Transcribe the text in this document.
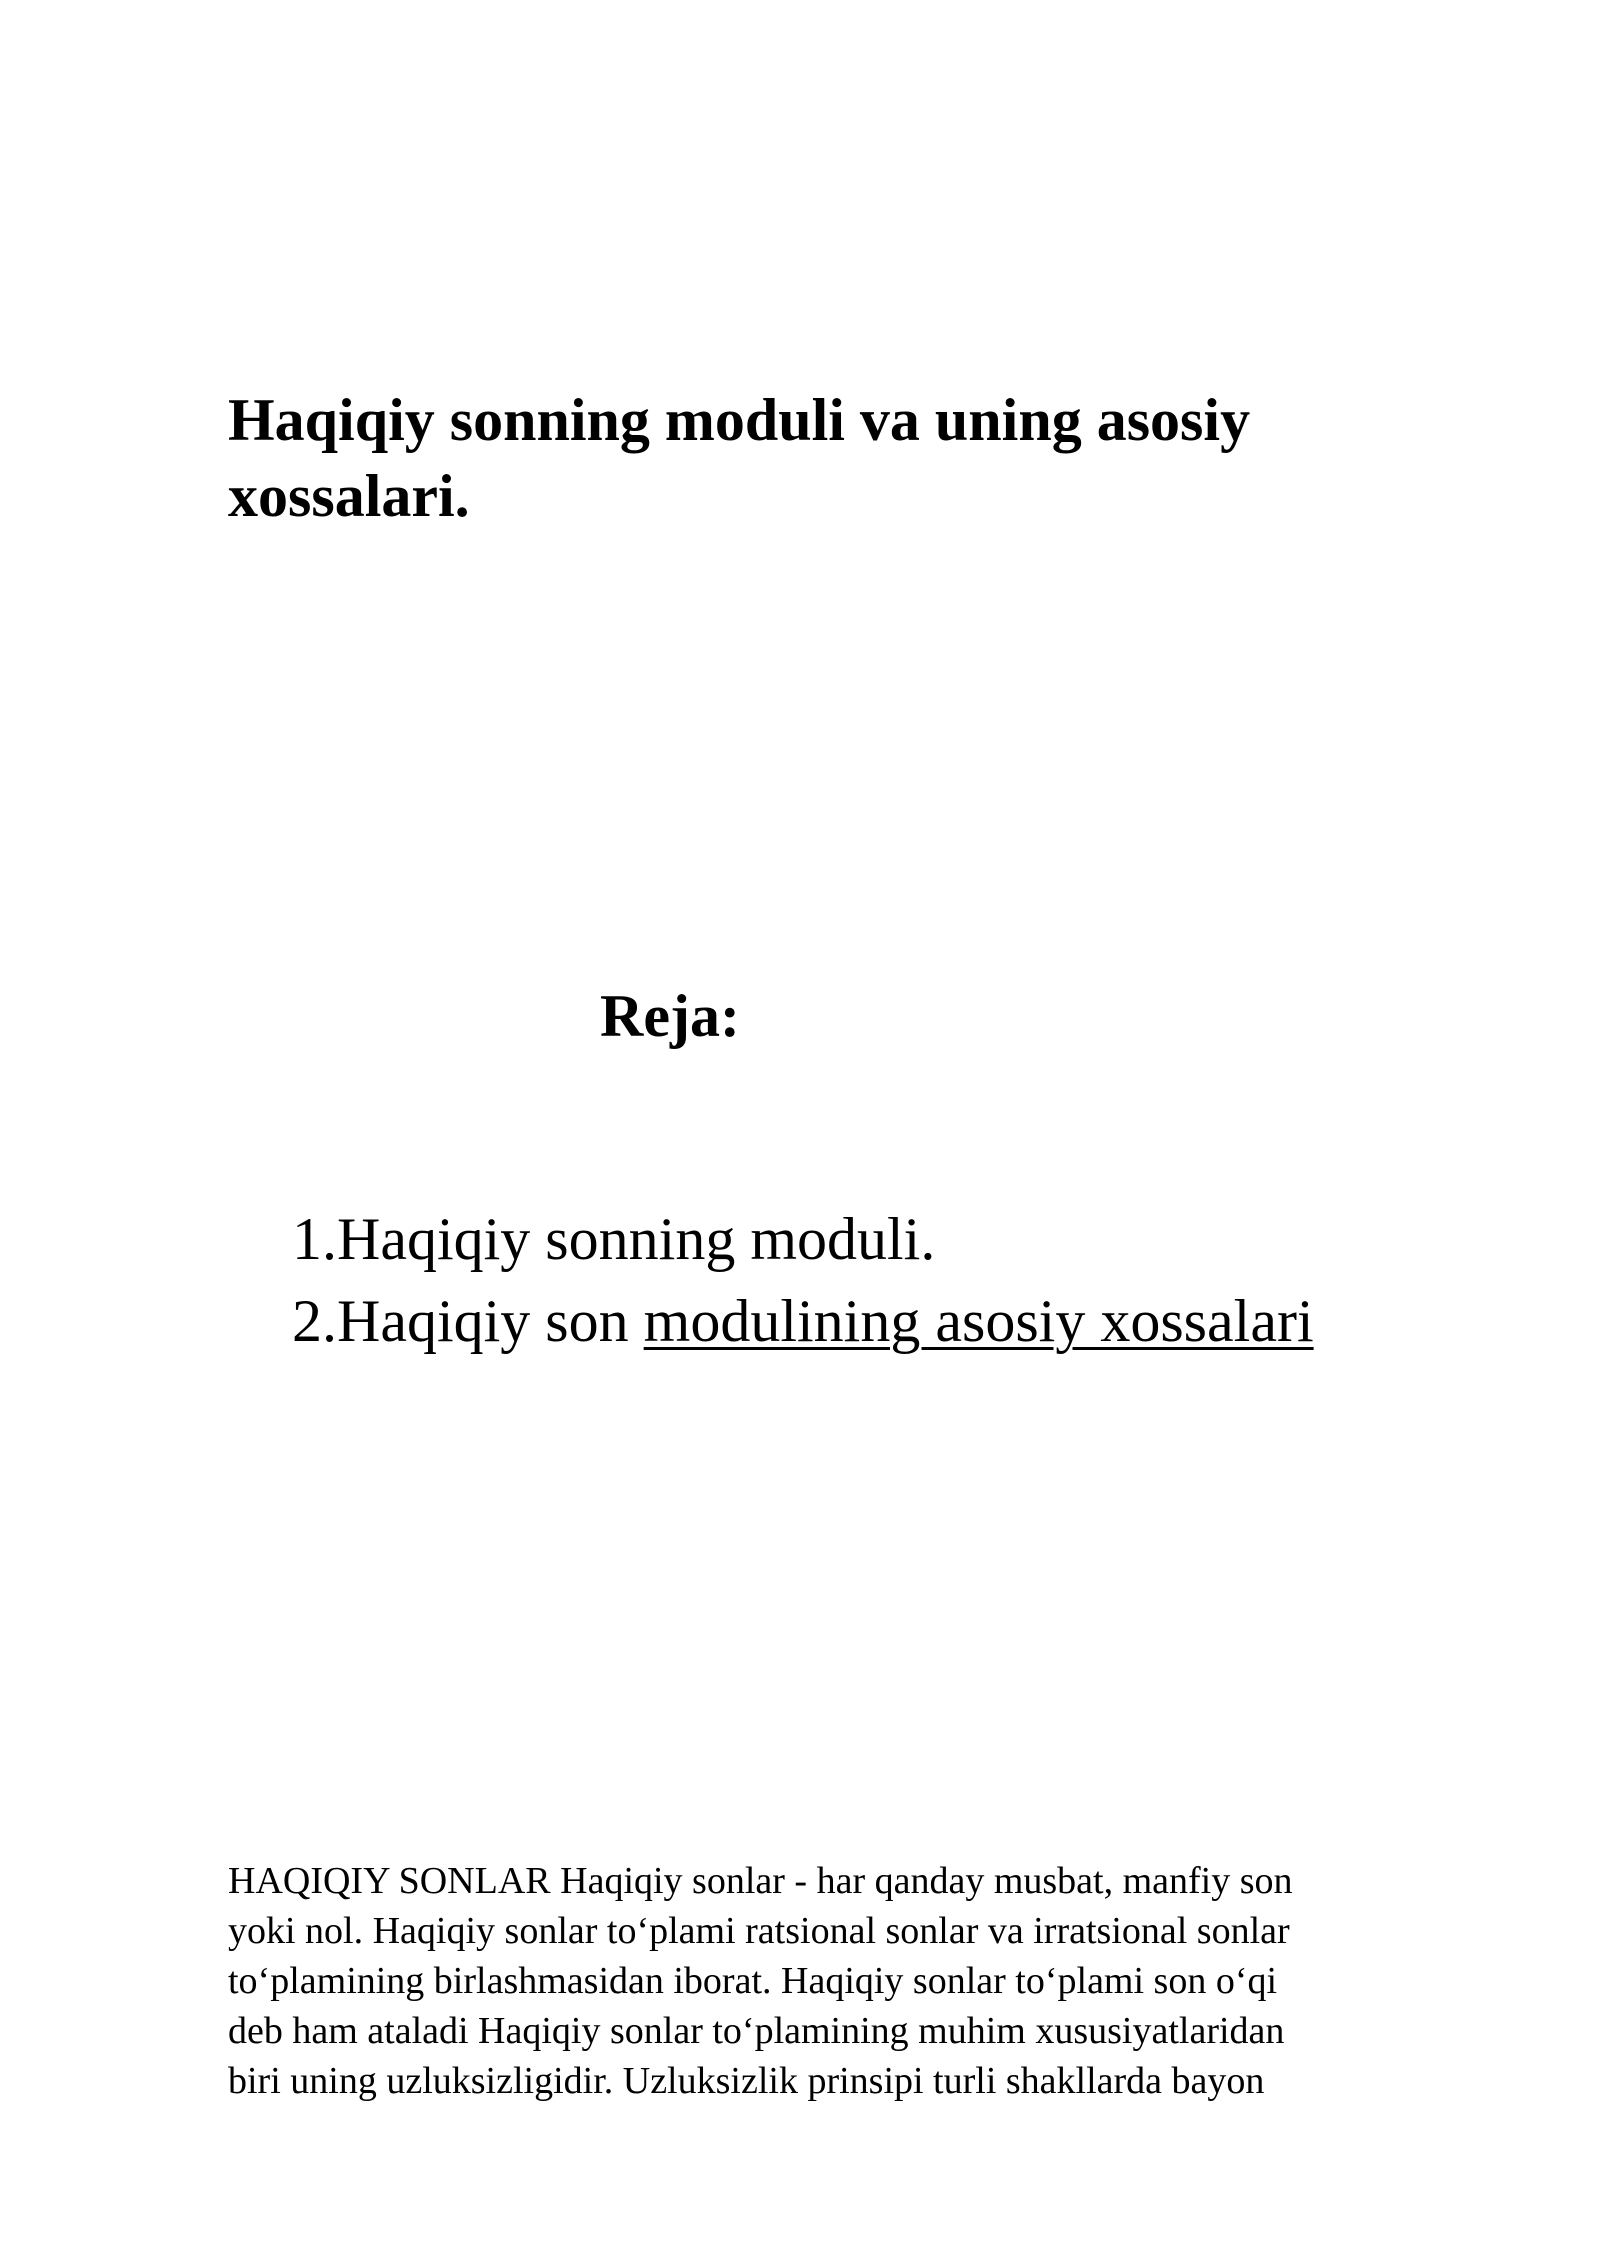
Haqiqiy sonning moduli va uning asosiy
xossalari.
Reja:
1.Haqiqiy sonning moduli.
2.Haqiqiy son modulining asosiy xossalari

HAQIQIY SONLAR Haqiqiy sonlar - har qanday musbat, manfiy son
yoki nol. Haqiqiy sonlar to‘plami ratsional sonlar va irratsional sonlar
to‘plamining birlashmasidan iborat. Haqiqiy sonlar to‘plami son o‘qi
deb ham ataladi Haqiqiy sonlar to‘plamining muhim xususiyatlaridan
biri uning uzluksizligidir. Uzluksizlik prinsipi turli shakllarda bayon
